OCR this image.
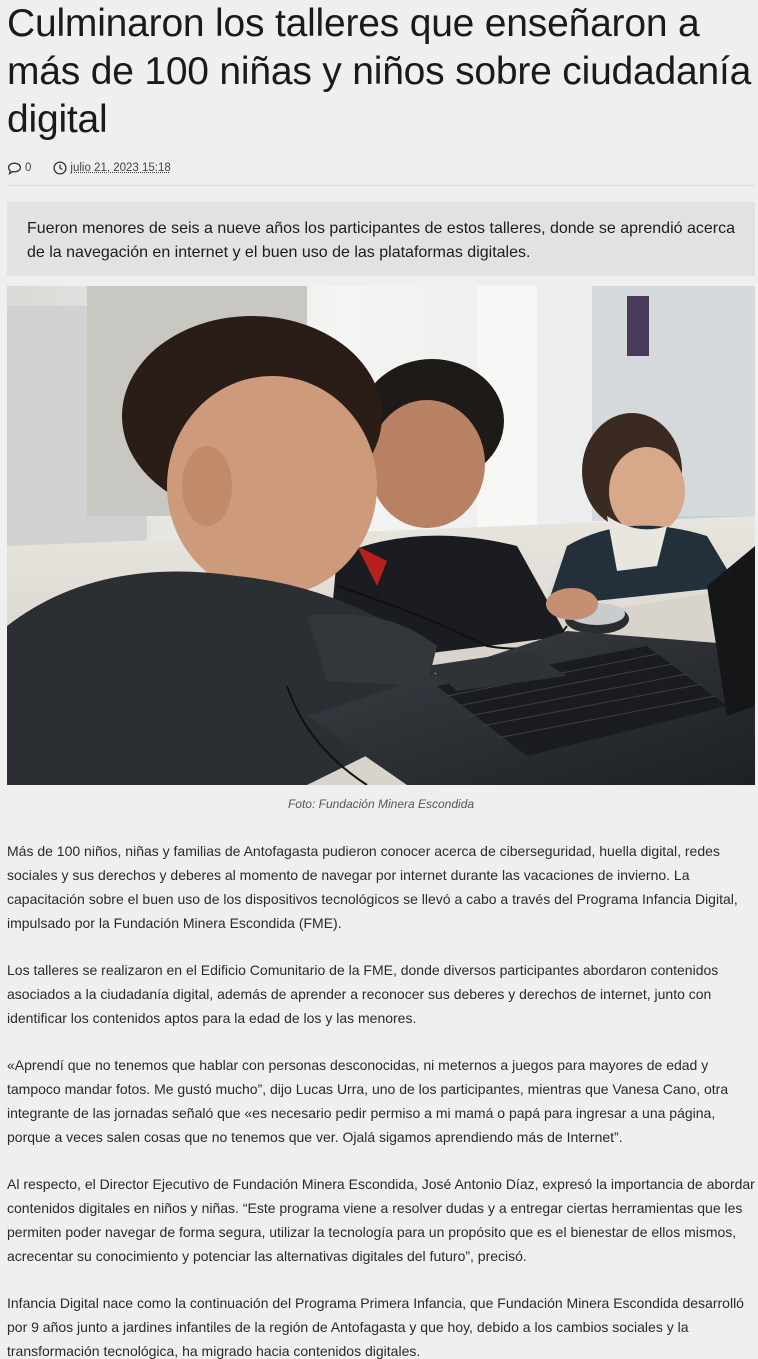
Culminaron los talleres que enseñaron a más de 100 niñas y niños sobre ciudadanía digital
0	julio 21, 2023 15:18
Fueron menores de seis a nueve años los participantes de estos talleres, donde se aprendió acerca de la navegación en internet y el buen uso de las plataformas digitales.
Foto: Fundación Minera Escondida

Más de 100 niños, niñas y familias de Antofagasta pudieron conocer acerca de ciberseguridad, huella digital, redes sociales y sus derechos y deberes al momento de navegar por internet durante las vacaciones de invierno. La capacitación sobre el buen uso de los dispositivos tecnológicos se llevó a cabo a través del Programa Infancia Digital, impulsado por la Fundación Minera Escondida (FME).

Los talleres se realizaron en el Edificio Comunitario de la FME, donde diversos participantes abordaron contenidos asociados a la ciudadanía digital, además de aprender a reconocer sus deberes y derechos de internet, junto con identificar los contenidos aptos para la edad de los y las menores.

«Aprendí que no tenemos que hablar con personas desconocidas, ni meternos a juegos para mayores de edad y tampoco mandar fotos. Me gustó mucho”, dijo Lucas Urra, uno de los participantes, mientras que Vanesa Cano, otra integrante de las jornadas señaló que «es necesario pedir permiso a mi mamá o papá para ingresar a una página, porque a veces salen cosas que no tenemos que ver. Ojalá sigamos aprendiendo más de Internet”.

Al respecto, el Director Ejecutivo de Fundación Minera Escondida, José Antonio Díaz, expresó la importancia de abordar contenidos digitales en niños y niñas. “Este programa viene a resolver dudas y a entregar ciertas herramientas que les permiten poder navegar de forma segura, utilizar la tecnología para un propósito que es el bienestar de ellos mismos, acrecentar su conocimiento y potenciar las alternativas digitales del futuro”, precisó.

Infancia Digital nace como la continuación del Programa Primera Infancia, que Fundación Minera Escondida desarrolló por 9 años junto a jardines infantiles de la región de Antofagasta y que hoy, debido a los cambios sociales y la transformación tecnológica, ha migrado hacia contenidos digitales.
